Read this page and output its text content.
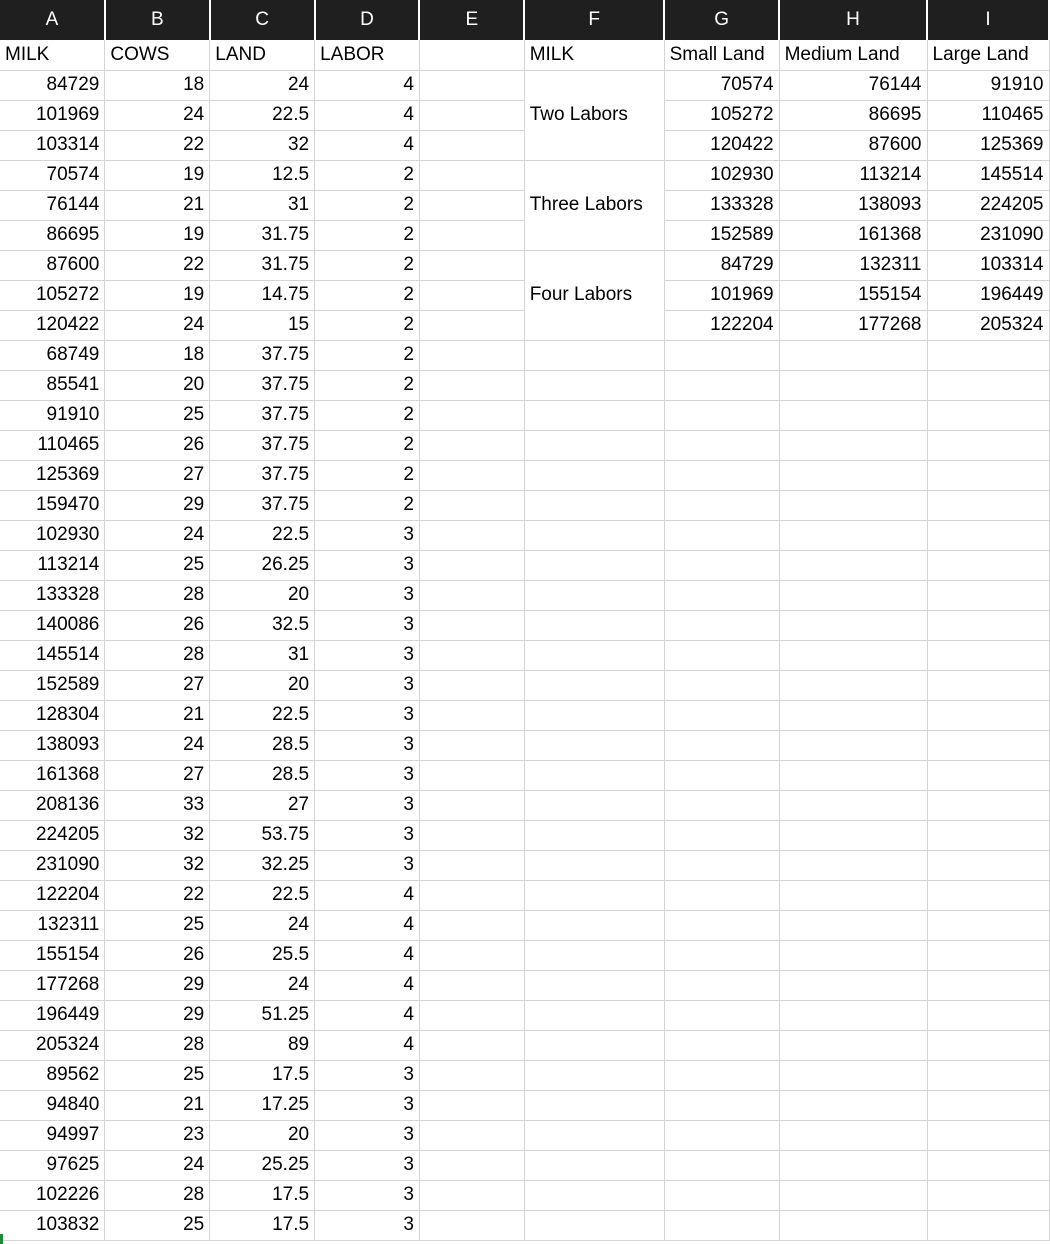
A	B	C	D	E	F	G	H	I
MILK	COWS	LAND	LABOR		MILK	Small Land	Medium Land	Large Land
84729	18	24	4			70574	76144	91910
101969	24	22.5	4		Two Labors	105272	86695	110465
103314	22	32	4			120422	87600	125369
70574	19	12.5	2			102930	113214	145514
76144	21	31	2		Three Labors	133328	138093	224205
86695	19	31.75	2			152589	161368	231090
87600	22	31.75	2			84729	132311	103314
105272	19	14.75	2		Four Labors	101969	155154	196449
120422	24	15	2			122204	177268	205324
68749	18	37.75	2					
85541	20	37.75	2					
91910	25	37.75	2					
110465	26	37.75	2					
125369	27	37.75	2					
159470	29	37.75	2					
102930	24	22.5	3					
113214	25	26.25	3					
133328	28	20	3					
140086	26	32.5	3					
145514	28	31	3					
152589	27	20	3					
128304	21	22.5	3					
138093	24	28.5	3					
161368	27	28.5	3					
208136	33	27	3					
224205	32	53.75	3					
231090	32	32.25	3					
122204	22	22.5	4					
132311	25	24	4					
155154	26	25.5	4					
177268	29	24	4					
196449	29	51.25	4					
205324	28	89	4					
89562	25	17.5	3					
94840	21	17.25	3					
94997	23	20	3					
97625	24	25.25	3					
102226	28	17.5	3					
103832	25	17.5	3					
